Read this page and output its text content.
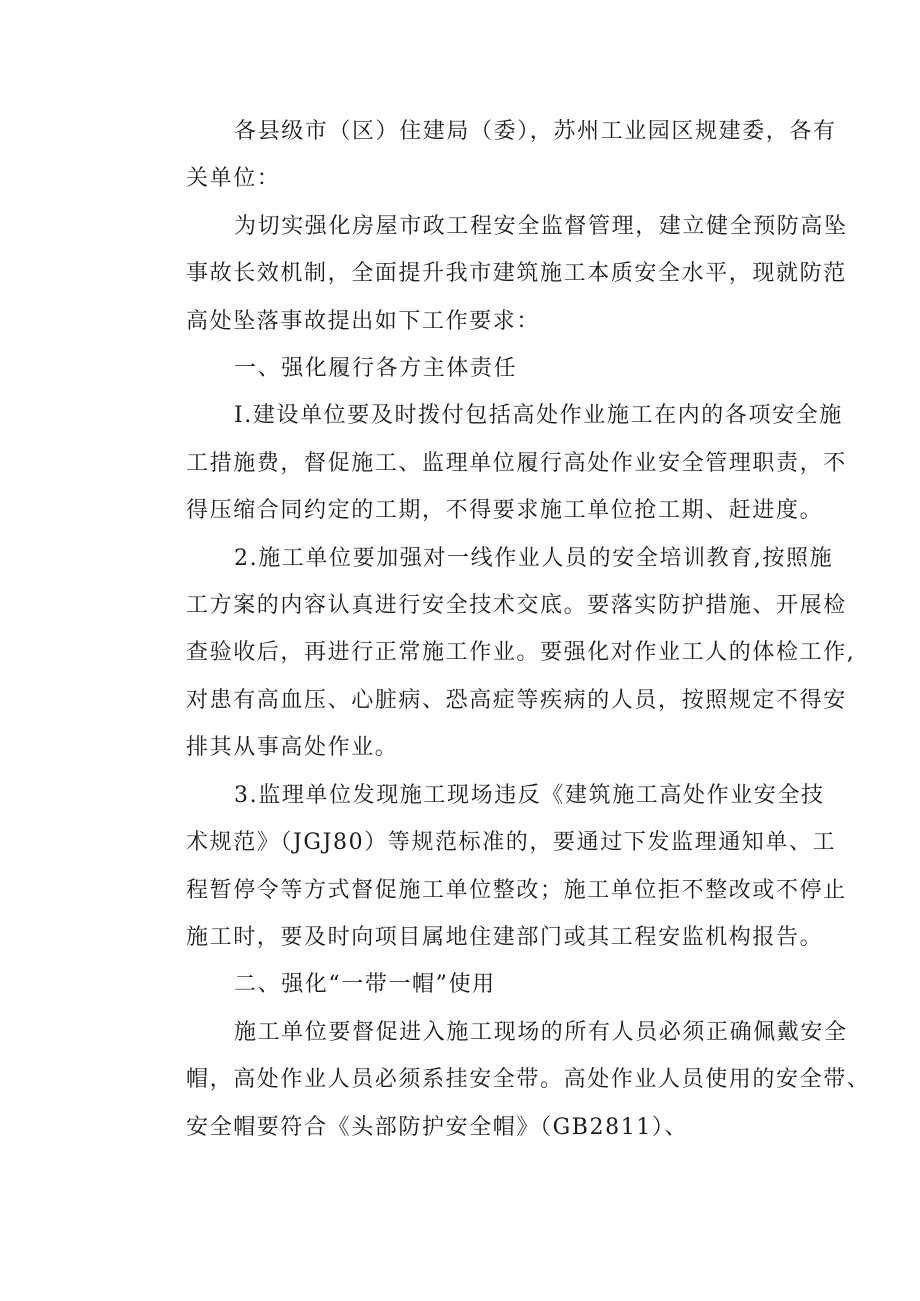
各县级市（区）住建局（委），苏州工业园区规建委，各有
关单位：
为切实强化房屋市政工程安全监督管理，建立健全预防高坠
事故长效机制，全面提升我市建筑施工本质安全水平，现就防范
高处坠落事故提出如下工作要求：
一、强化履行各方主体责任
I.建设单位要及时拨付包括高处作业施工在内的各项安全施
工措施费，督促施工、监理单位履行高处作业安全管理职责，不
得压缩合同约定的工期，不得要求施工单位抢工期、赶进度。
2.施工单位要加强对一线作业人员的安全培训教育,按照施
工方案的内容认真进行安全技术交底。要落实防护措施、开展检
查验收后，再进行正常施工作业。要强化对作业工人的体检工作,
对患有高血压、心脏病、恐高症等疾病的人员，按照规定不得安
排其从事高处作业。
3.监理单位发现施工现场违反《建筑施工高处作业安全技
术规范》（JGJ80）等规范标准的，要通过下发监理通知单、工
程暂停令等方式督促施工单位整改；施工单位拒不整改或不停止
施工时，要及时向项目属地住建部门或其工程安监机构报告。
二、强化“一带一帽”使用
施工单位要督促进入施工现场的所有人员必须正确佩戴安全
帽，高处作业人员必须系挂安全带。高处作业人员使用的安全带、
安全帽要符合《头部防护安全帽》（GB2811）、
